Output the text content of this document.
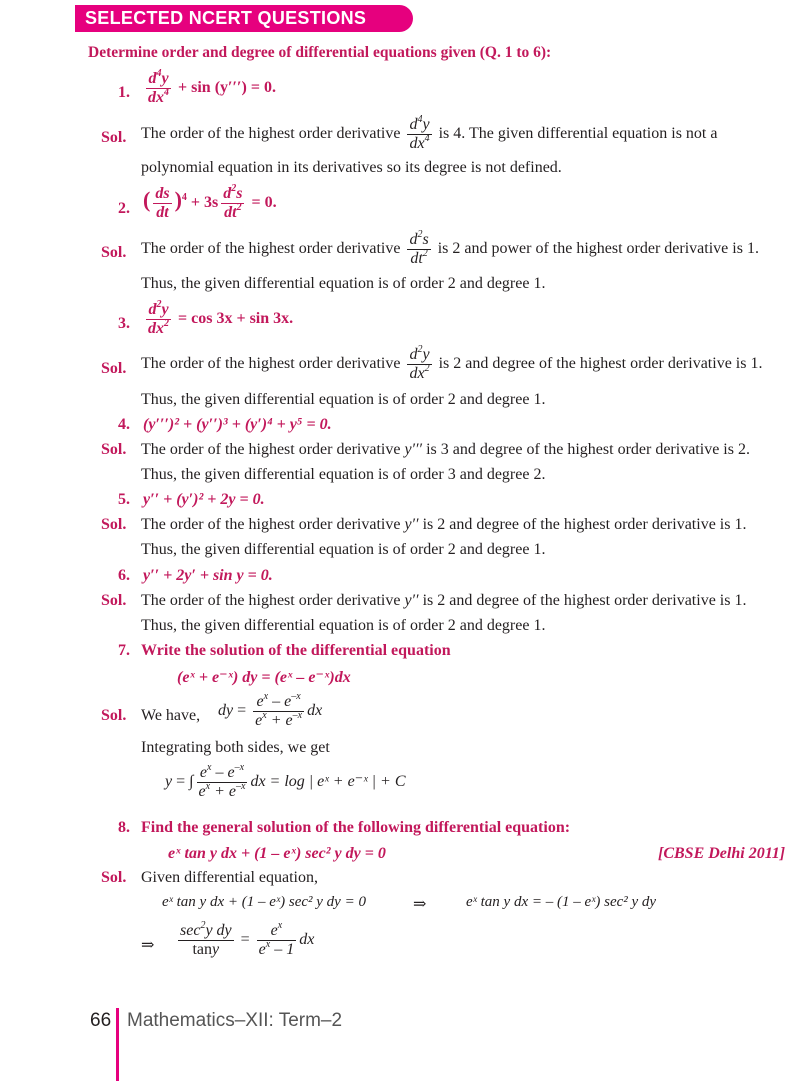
SELECTED NCERT QUESTIONS
Determine order and degree of differential equations given (Q. 1 to 6):
1. $\frac{d^4y}{dx^4} + \sin (y''') = 0$.
Sol. The order of the highest order derivative $\frac{d^4y}{dx^4}$ is 4. The given differential equation is not a
polynomial equation in its derivatives so its degree is not defined.
2. ( $\frac{ds}{dt} )^4 + 3s \frac{d^2s}{dt^2} = 0$.
Sol. The order of the highest order derivative $\frac{d^2s}{dt^2}$ is 2 and power of the highest order derivative is 1.
Thus, the given differential equation is of order 2 and degree 1.
3. $\frac{d^2y}{dx^2} = \cos 3x + \sin 3x$.
Sol. The order of the highest order derivative $\frac{d^2y}{dx^2}$ is 2 and degree of the highest order derivative is 1.
Thus, the given differential equation is of order 2 and degree 1.
4. (y′′′)² + (y′′)³ + (y′)⁴ + y⁵ = 0.
Sol. The order of the highest order derivative y′′′ is 3 and degree of the highest order derivative is 2.
Thus, the given differential equation is of order 3 and degree 2.
5. y′′ + (y′)² + 2y = 0.
Sol. The order of the highest order derivative y′′ is 2 and degree of the highest order derivative is 1.
Thus, the given differential equation is of order 2 and degree 1.
6. y′′ + 2y′ + sin y = 0.
Sol. The order of the highest order derivative y′′ is 2 and degree of the highest order derivative is 1.
Thus, the given differential equation is of order 2 and degree 1.
7. Write the solution of the differential equation
(eˣ + e⁻ˣ) dy = (eˣ – e⁻ˣ)dx
Sol. We have, dy = $\frac{e^x - e^{-x}}{e^x + e^{-x}}$ dx
Integrating both sides, we get
y = ∫ $\frac{e^x - e^{-x}}{e^x + e^{-x}}$ dx = log | eˣ + e⁻ˣ | + C
8. Find the general solution of the following differential equation:
eˣ tan y dx + (1 – eˣ) sec² y dy = 0	[CBSE Delhi 2011]
Sol. Given differential equation,
eˣ tan y dx + (1 – eˣ) sec² y dy = 0	⇒	eˣ tan y dx = – (1 – eˣ) sec² y dy
⇒ $\frac{\sec^2y dy}{\tan y} = \frac{e^x}{e^x - 1}$ dx
66 Mathematics–XII: Term–2
